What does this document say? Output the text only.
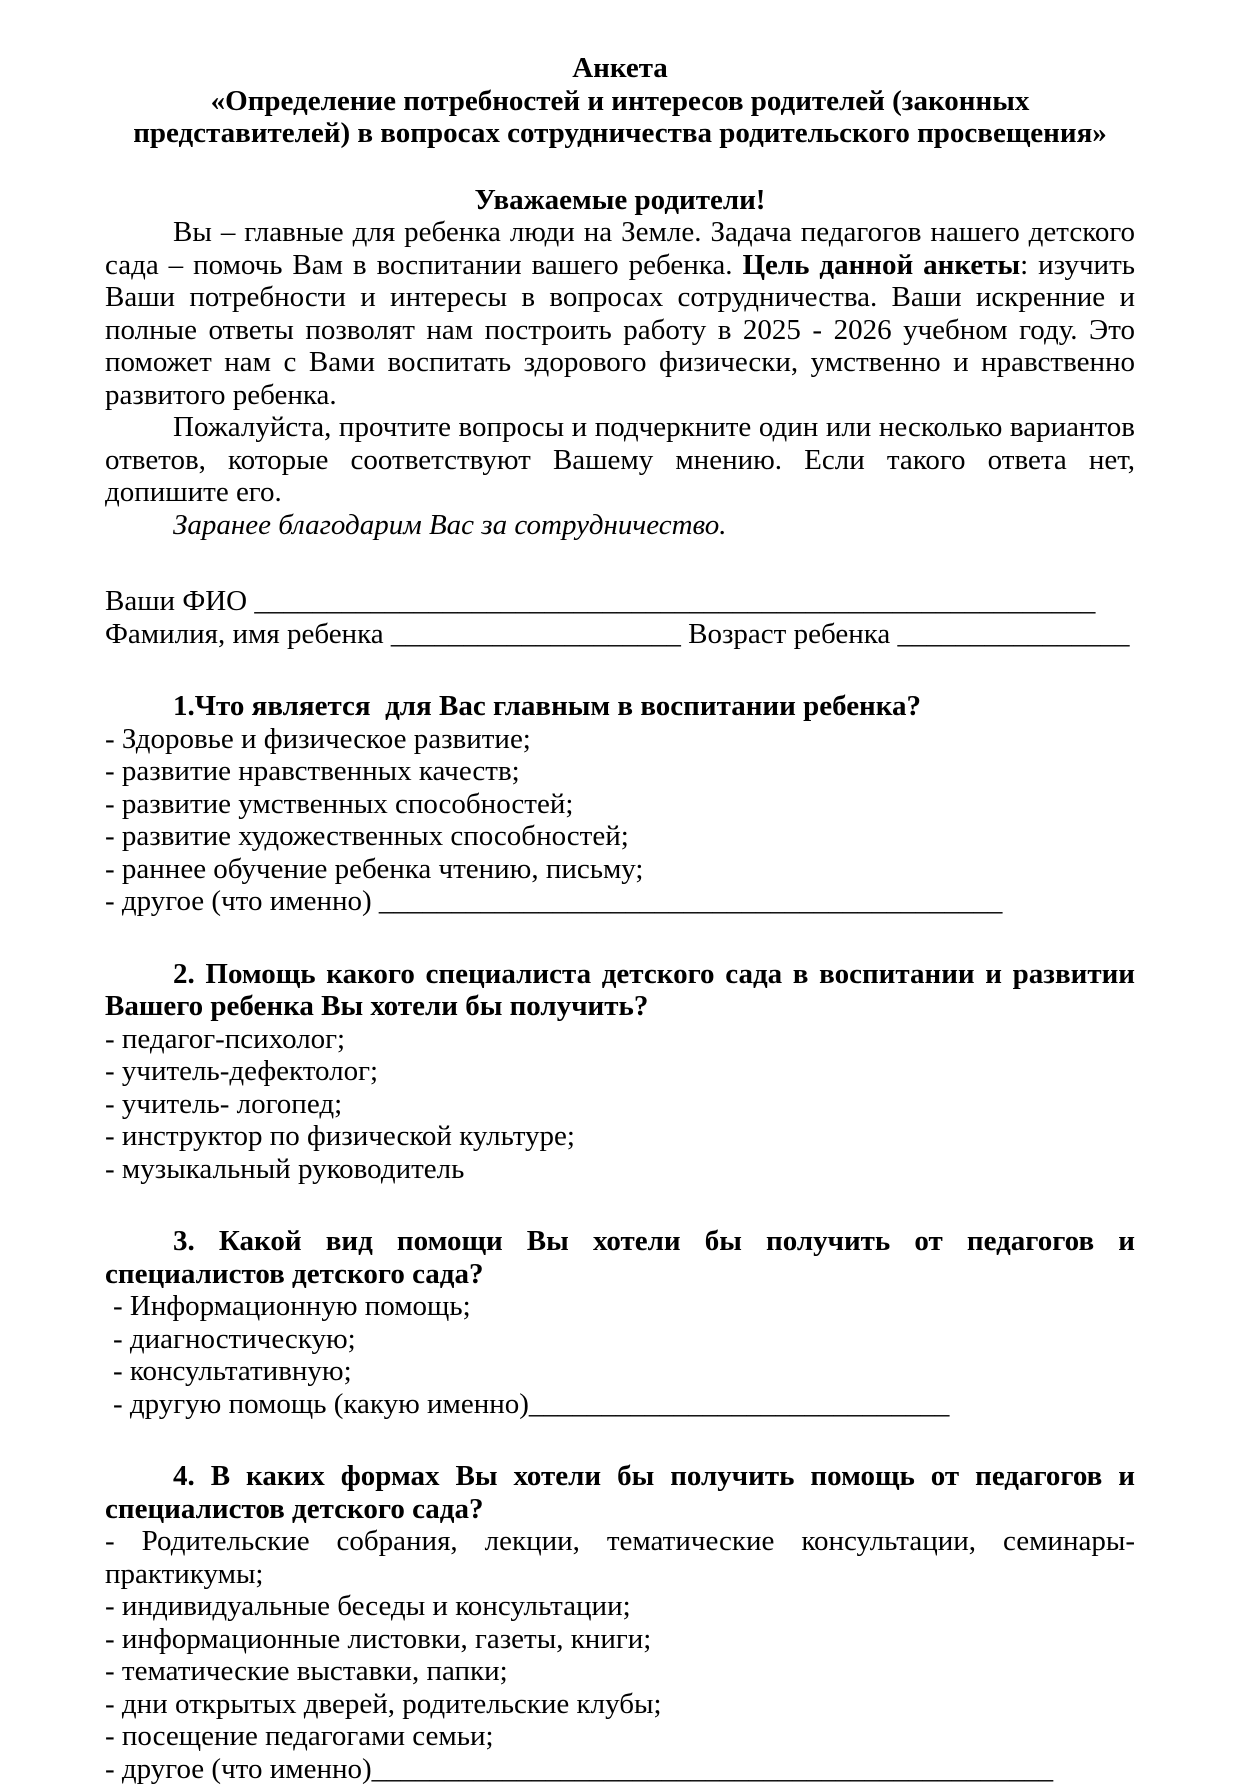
Анкета

«Определение потребностей и интересов родителей (законных представителей) в вопросах сотрудничества родительского просвещения»

Уважаемые родители!

Вы – главные для ребенка люди на Земле. Задача педагогов нашего детского сада – помочь Вам в воспитании вашего ребенка. Цель данной анкеты: изучить Ваши потребности и интересы в вопросах сотрудничества. Ваши искренние и полные ответы позволят нам построить работу в 2025 - 2026 учебном году. Это поможет нам с Вами воспитать здорового физически, умственно и нравственно развитого ребенка.

Пожалуйста, прочтите вопросы и подчеркните один или несколько вариантов ответов, которые соответствуют Вашему мнению. Если такого ответа нет, допишите его.

Заранее благодарим Вас за сотрудничество.

Ваши ФИО __________________________________________________________

Фамилия, имя ребенка ____________________ Возраст ребенка ________________

1.Что является  для Вас главным в воспитании ребенка?

- Здоровье и физическое развитие;

- развитие нравственных качеств;

- развитие умственных способностей;

- развитие художественных способностей;

- раннее обучение ребенка чтению, письму;

- другое (что именно) ___________________________________________

2. Помощь какого специалиста детского сада в воспитании и развитии Вашего ребенка Вы хотели бы получить?

- педагог-психолог;

- учитель-дефектолог;

- учитель- логопед;

- инструктор по физической культуре;

- музыкальный руководитель

3. Какой вид помощи Вы хотели бы получить от педагогов и специалистов детского сада?

- Информационную помощь;

- диагностическую;

- консультативную;

- другую помощь (какую именно)_____________________________

4. В каких формах Вы хотели бы получить помощь от педагогов и специалистов детского сада?

- Родительские собрания, лекции, тематические консультации, семинары-практикумы;

- индивидуальные беседы и консультации;

- информационные листовки, газеты, книги;

- тематические выставки, папки;

- дни открытых дверей, родительские клубы;

- посещение педагогами семьи;

- другое (что именно)_______________________________________________
